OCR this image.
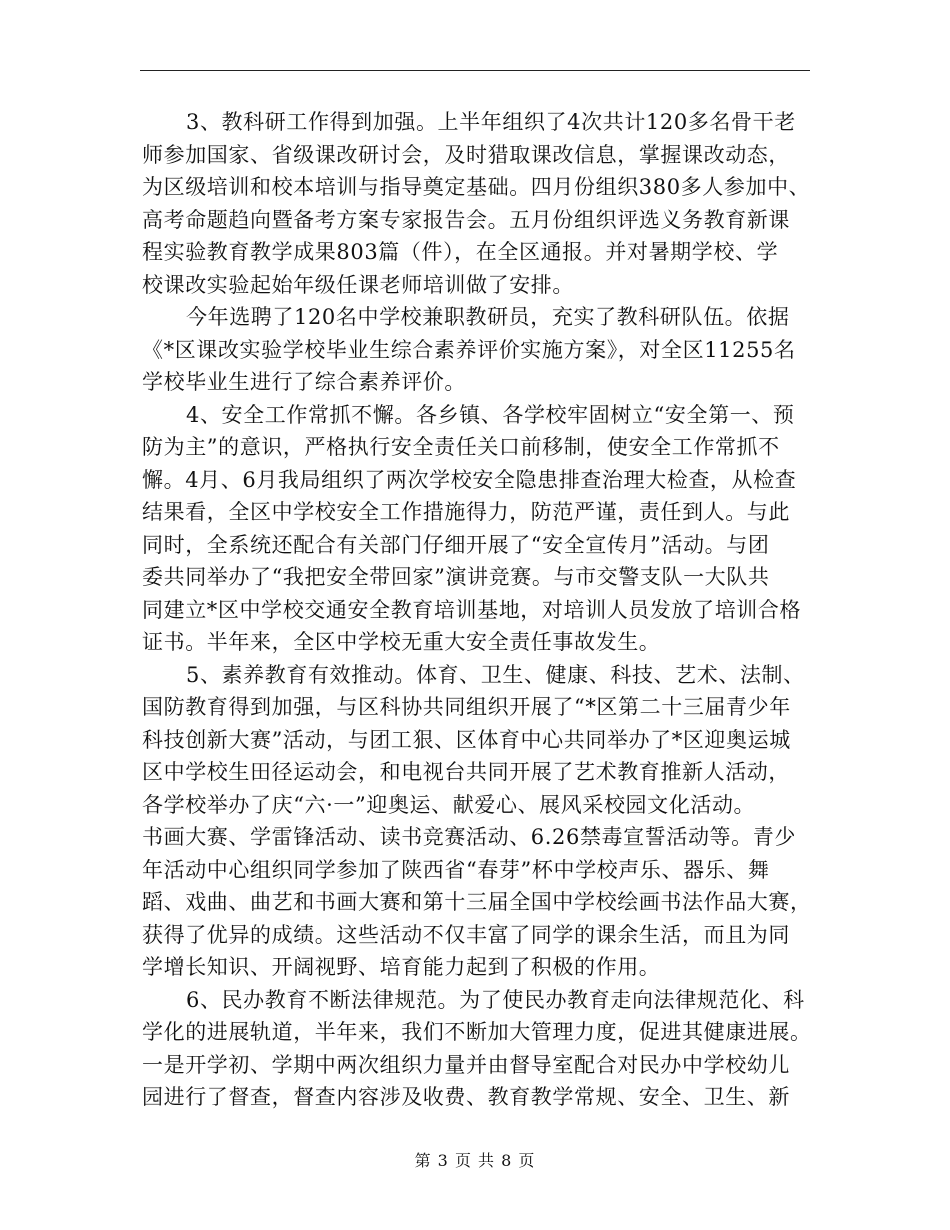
3、教科研工作得到加强。上半年组织了4次共计120多名骨干老
师参加国家、省级课改研讨会，及时猎取课改信息，掌握课改动态，
为区级培训和校本培训与指导奠定基础。四月份组织380多人参加中、
高考命题趋向暨备考方案专家报告会。五月份组织评选义务教育新课
程实验教育教学成果803篇（件），在全区通报。并对暑期学校、学
校课改实验起始年级任课老师培训做了安排。
今年选聘了120名中学校兼职教研员，充实了教科研队伍。依据
《*区课改实验学校毕业生综合素养评价实施方案》，对全区11255名
学校毕业生进行了综合素养评价。
4、安全工作常抓不懈。各乡镇、各学校牢固树立“安全第一、预
防为主”的意识，严格执行安全责任关口前移制，使安全工作常抓不
懈。4月、6月我局组织了两次学校安全隐患排查治理大检查，从检查
结果看，全区中学校安全工作措施得力，防范严谨，责任到人。与此
同时，全系统还配合有关部门仔细开展了“安全宣传月”活动。与团
委共同举办了“我把安全带回家”演讲竞赛。与市交警支队一大队共
同建立*区中学校交通安全教育培训基地，对培训人员发放了培训合格
证书。半年来，全区中学校无重大安全责任事故发生。
5、素养教育有效推动。体育、卫生、健康、科技、艺术、法制、
国防教育得到加强，与区科协共同组织开展了“*区第二十三届青少年
科技创新大赛”活动，与团工狠、区体育中心共同举办了*区迎奥运城
区中学校生田径运动会，和电视台共同开展了艺术教育推新人活动，
各学校举办了庆“六·一”迎奥运、献爱心、展风采校园文化活动。
书画大赛、学雷锋活动、读书竞赛活动、6.26禁毒宣誓活动等。青少
年活动中心组织同学参加了陕西省“春芽”杯中学校声乐、器乐、舞
蹈、戏曲、曲艺和书画大赛和第十三届全国中学校绘画书法作品大赛，
获得了优异的成绩。这些活动不仅丰富了同学的课余生活，而且为同
学增长知识、开阔视野、培育能力起到了积极的作用。
6、民办教育不断法律规范。为了使民办教育走向法律规范化、科
学化的进展轨道，半年来，我们不断加大管理力度，促进其健康进展。
一是开学初、学期中两次组织力量并由督导室配合对民办中学校幼儿
园进行了督查，督查内容涉及收费、教育教学常规、安全、卫生、新
第 3 页 共 8 页
